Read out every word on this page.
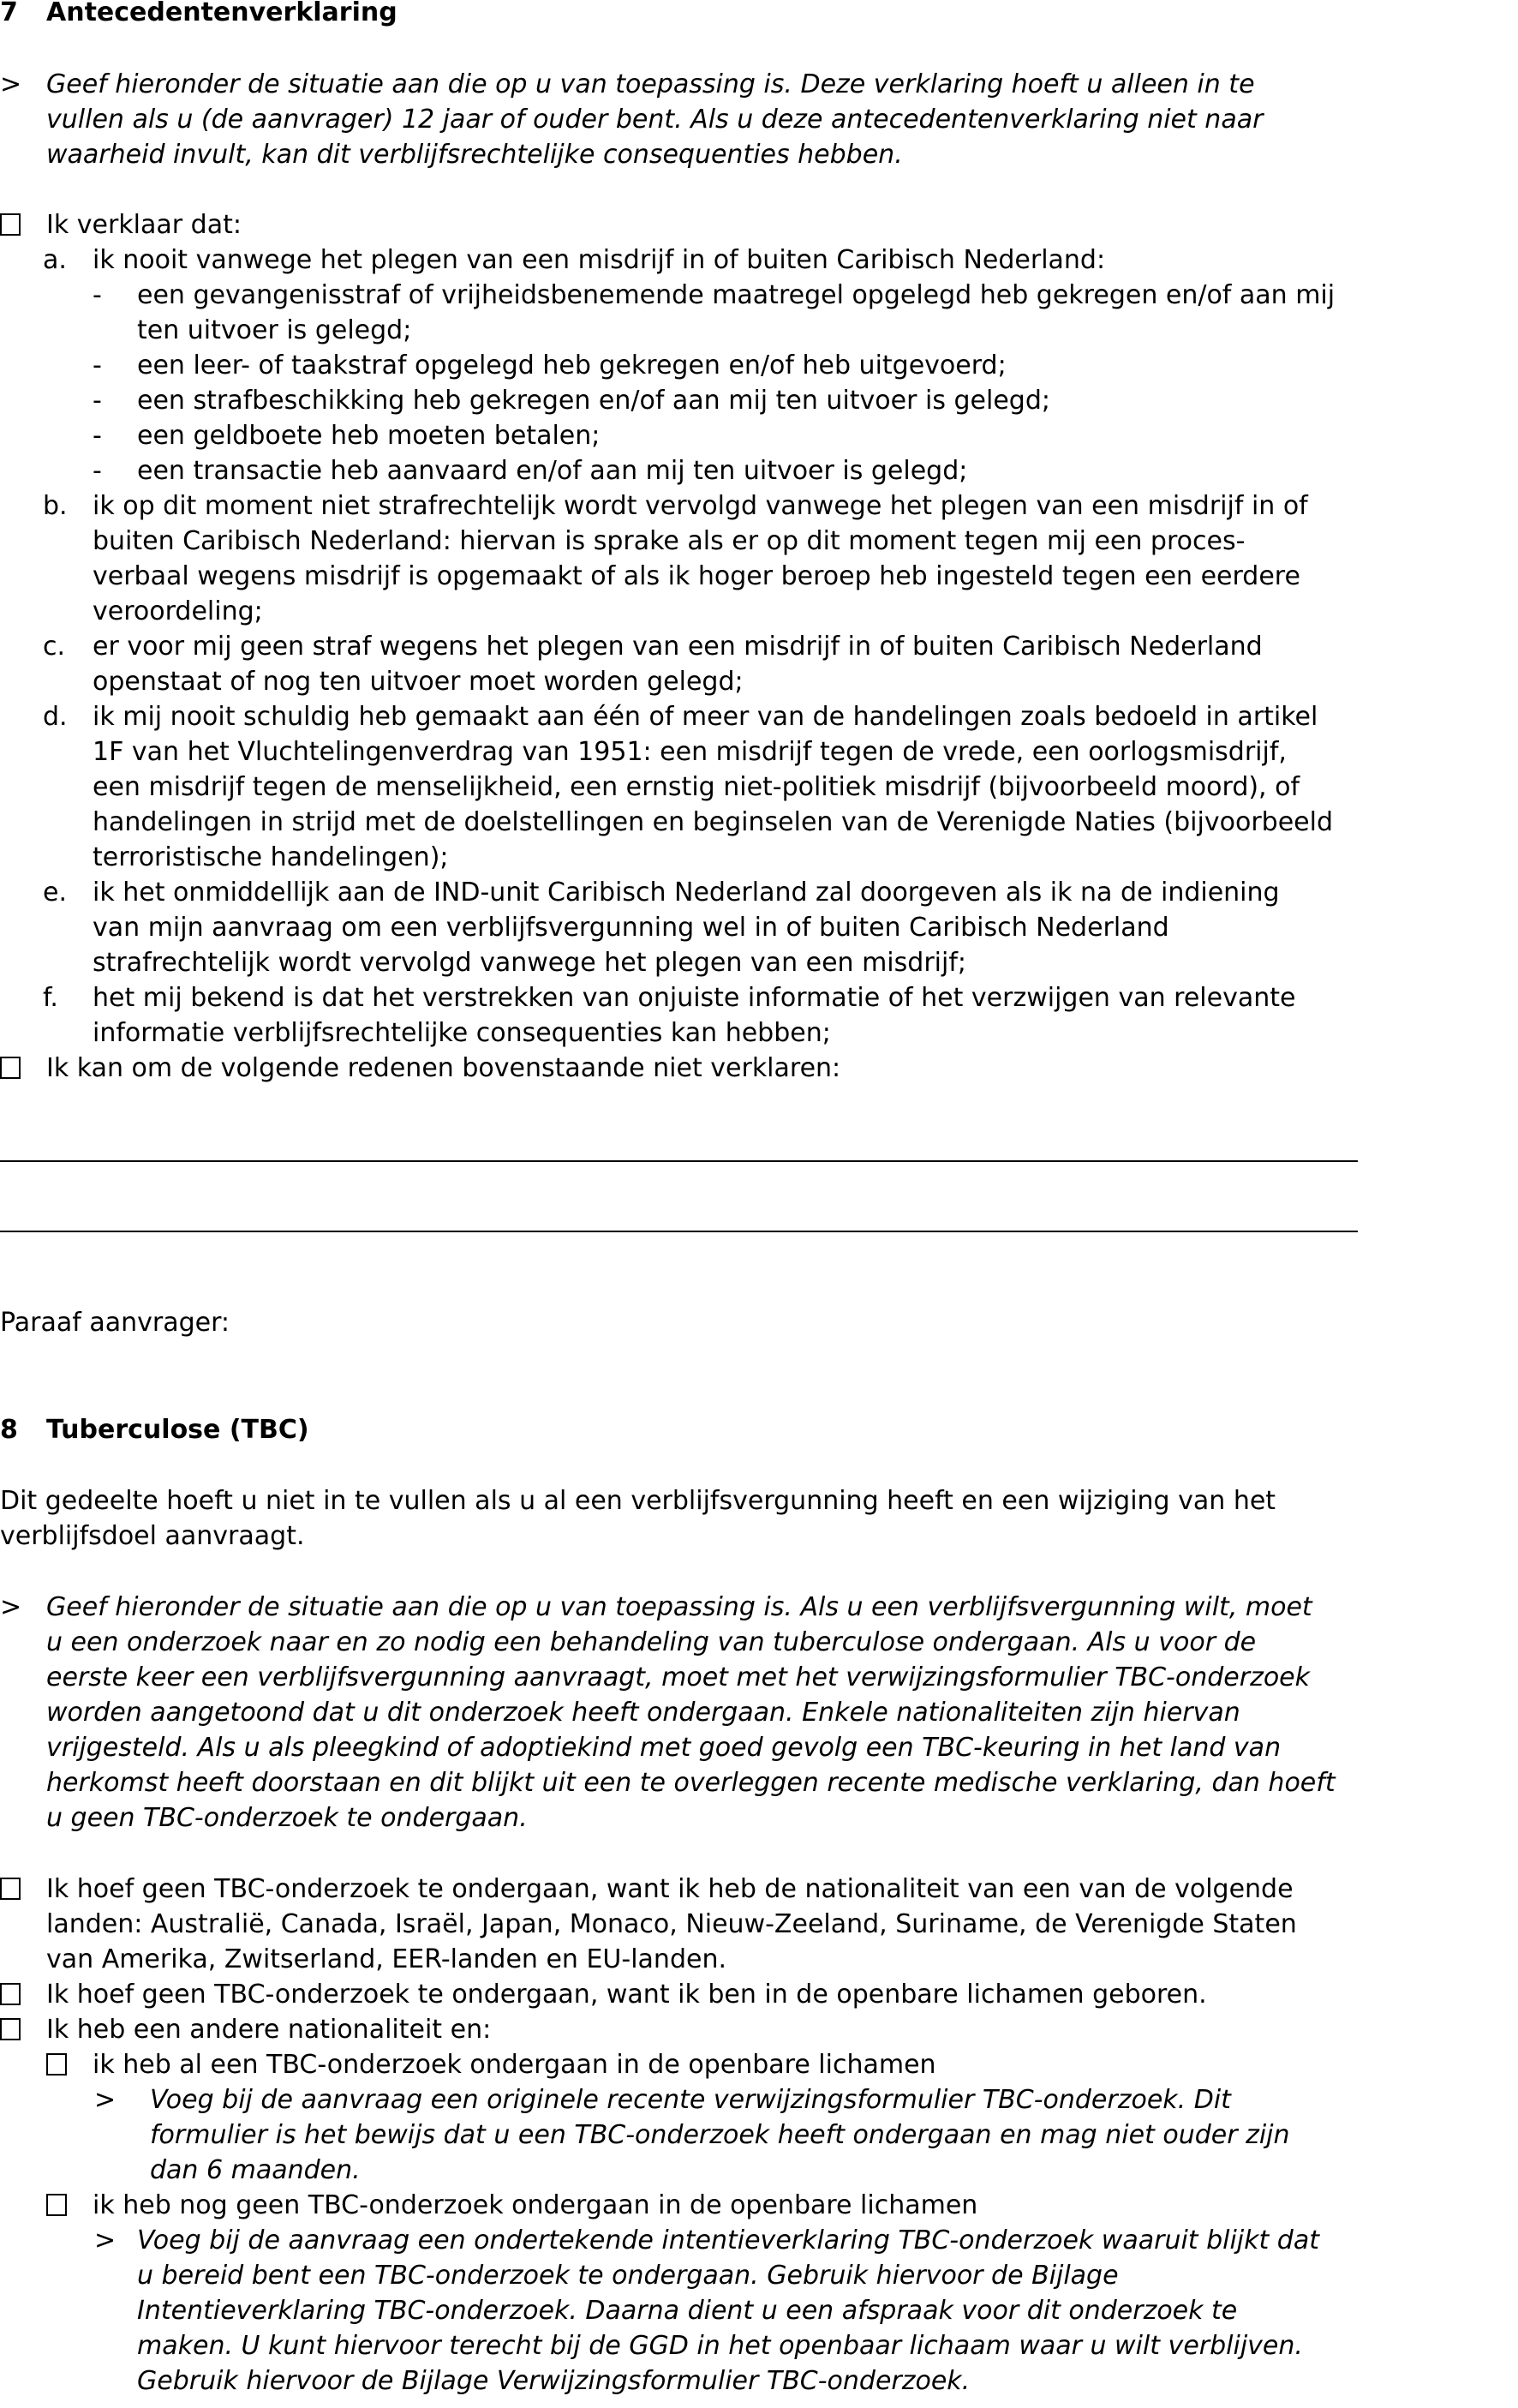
7 Antecedentenverklaring
> Geef hieronder de situatie aan die op u van toepassing is. Deze verklaring hoeft u alleen in te
vullen als u (de aanvrager) 12 jaar of ouder bent. Als u deze antecedentenverklaring niet naar
waarheid invult, kan dit verblijfsrechtelijke consequenties hebben.
Ik verklaar dat:
a. ik nooit vanwege het plegen van een misdrijf in of buiten Caribisch Nederland:
- een gevangenisstraf of vrijheidsbenemende maatregel opgelegd heb gekregen en/of aan mij
ten uitvoer is gelegd;
- een leer- of taakstraf opgelegd heb gekregen en/of heb uitgevoerd;
- een strafbeschikking heb gekregen en/of aan mij ten uitvoer is gelegd;
- een geldboete heb moeten betalen;
- een transactie heb aanvaard en/of aan mij ten uitvoer is gelegd;
b. ik op dit moment niet strafrechtelijk wordt vervolgd vanwege het plegen van een misdrijf in of
buiten Caribisch Nederland: hiervan is sprake als er op dit moment tegen mij een proces-
verbaal wegens misdrijf is opgemaakt of als ik hoger beroep heb ingesteld tegen een eerdere
veroordeling;
c. er voor mij geen straf wegens het plegen van een misdrijf in of buiten Caribisch Nederland
openstaat of nog ten uitvoer moet worden gelegd;
d. ik mij nooit schuldig heb gemaakt aan één of meer van de handelingen zoals bedoeld in artikel
1F van het Vluchtelingenverdrag van 1951: een misdrijf tegen de vrede, een oorlogsmisdrijf,
een misdrijf tegen de menselijkheid, een ernstig niet-politiek misdrijf (bijvoorbeeld moord), of
handelingen in strijd met de doelstellingen en beginselen van de Verenigde Naties (bijvoorbeeld
terroristische handelingen);
e. ik het onmiddellijk aan de IND-unit Caribisch Nederland zal doorgeven als ik na de indiening
van mijn aanvraag om een verblijfsvergunning wel in of buiten Caribisch Nederland
strafrechtelijk wordt vervolgd vanwege het plegen van een misdrijf;
f. het mij bekend is dat het verstrekken van onjuiste informatie of het verzwijgen van relevante
informatie verblijfsrechtelijke consequenties kan hebben;
Ik kan om de volgende redenen bovenstaande niet verklaren:
Paraaf aanvrager:
8 Tuberculose (TBC)
Dit gedeelte hoeft u niet in te vullen als u al een verblijfsvergunning heeft en een wijziging van het
verblijfsdoel aanvraagt.
> Geef hieronder de situatie aan die op u van toepassing is. Als u een verblijfsvergunning wilt, moet
u een onderzoek naar en zo nodig een behandeling van tuberculose ondergaan. Als u voor de
eerste keer een verblijfsvergunning aanvraagt, moet met het verwijzingsformulier TBC-onderzoek
worden aangetoond dat u dit onderzoek heeft ondergaan. Enkele nationaliteiten zijn hiervan
vrijgesteld. Als u als pleegkind of adoptiekind met goed gevolg een TBC-keuring in het land van
herkomst heeft doorstaan en dit blijkt uit een te overleggen recente medische verklaring, dan hoeft
u geen TBC-onderzoek te ondergaan.
Ik hoef geen TBC-onderzoek te ondergaan, want ik heb de nationaliteit van een van de volgende
landen: Australië, Canada, Israël, Japan, Monaco, Nieuw-Zeeland, Suriname, de Verenigde Staten
van Amerika, Zwitserland, EER-landen en EU-landen.
Ik hoef geen TBC-onderzoek te ondergaan, want ik ben in de openbare lichamen geboren.
Ik heb een andere nationaliteit en:
ik heb al een TBC-onderzoek ondergaan in de openbare lichamen
> Voeg bij de aanvraag een originele recente verwijzingsformulier TBC-onderzoek. Dit
formulier is het bewijs dat u een TBC-onderzoek heeft ondergaan en mag niet ouder zijn
dan 6 maanden.
ik heb nog geen TBC-onderzoek ondergaan in de openbare lichamen
> Voeg bij de aanvraag een ondertekende intentieverklaring TBC-onderzoek waaruit blijkt dat
u bereid bent een TBC-onderzoek te ondergaan. Gebruik hiervoor de Bijlage
Intentieverklaring TBC-onderzoek. Daarna dient u een afspraak voor dit onderzoek te
maken. U kunt hiervoor terecht bij de GGD in het openbaar lichaam waar u wilt verblijven.
Gebruik hiervoor de Bijlage Verwijzingsformulier TBC-onderzoek.
